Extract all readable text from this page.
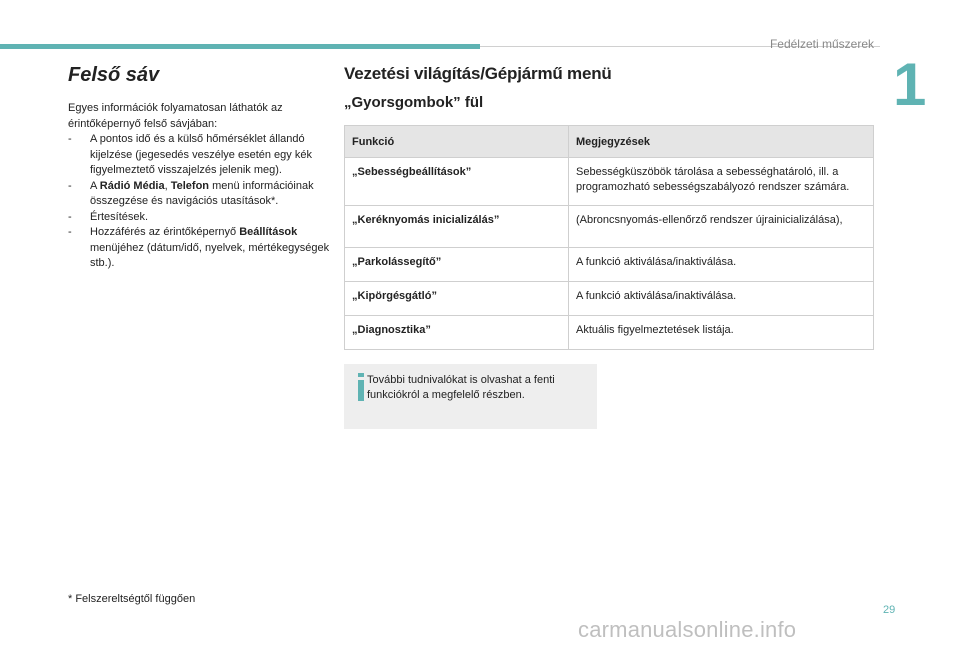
Fedélzeti műszerek
1
Felső sáv

Egyes információk folyamatosan láthatók az érintőképernyő felső sávjában:

- A pontos idő és a külső hőmérséklet állandó kijelzése (jegesedés veszélye esetén egy kék figyelmeztető visszajelzés jelenik meg).

- A Rádió Média, Telefon menü információinak összegzése és navigációs utasítások*.

- Értesítések.

- Hozzáférés az érintőképernyő Beállítások menüjéhez (dátum/idő, nyelvek, mértékegységek stb.).

Vezetési világítás/Gépjármű menü
„Gyorsgombok” fül
Funkció	Megjegyzések
„Sebességbeállítások”	Sebességküszöbök tárolása a sebességhatároló, ill. a programozható sebességszabályozó rendszer számára.
„Keréknyomás inicializálás”	(Abroncsnyomás-ellenőrző rendszer újrainicializálása),
„Parkolássegítő”	A funkció aktiválása/inaktiválása.
„Kipörgésgátló”	A funkció aktiválása/inaktiválása.
„Diagnosztika”	Aktuális figyelmeztetések listája.
További tudnivalókat is olvashat a fenti funkciókról a megfelelő részben.
* Felszereltségtől függően
29
carmanualsonline.info
